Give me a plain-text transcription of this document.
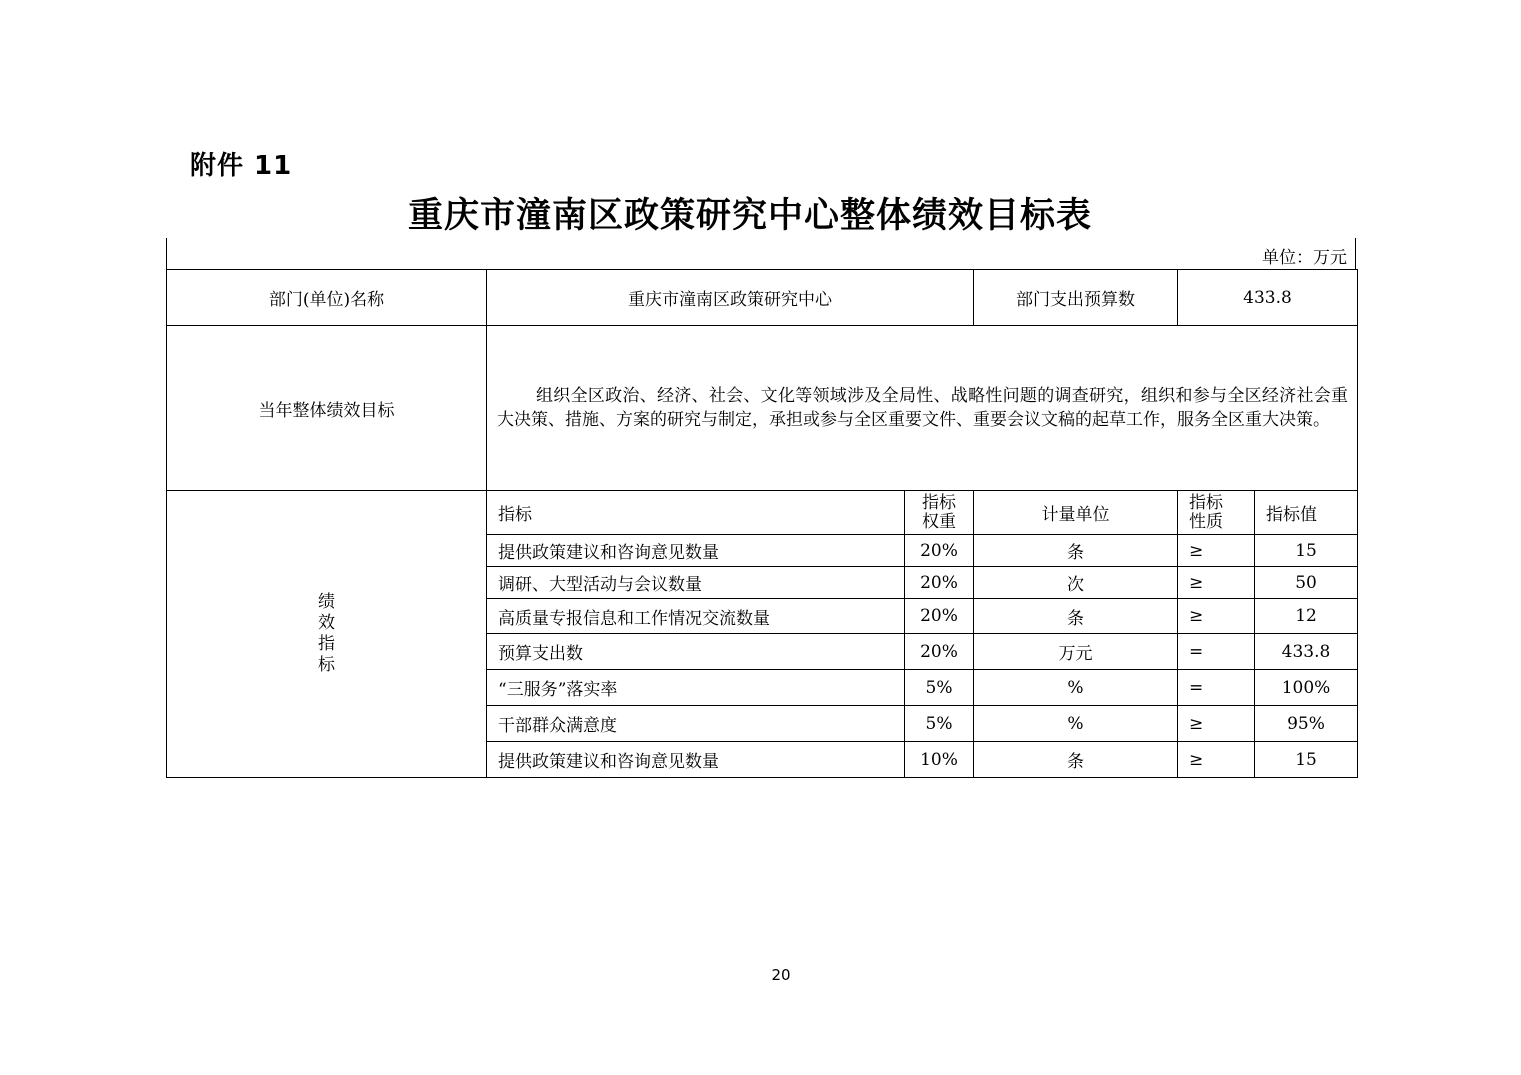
附件 11
重庆市潼南区政策研究中心整体绩效目标表
单位：万元
部门(单位)名称	重庆市潼南区政策研究中心		部门支出预算数	433.8	
当年整体绩效目标	组织全区政治、经济、社会、文化等领域涉及全局性、战略性问题的调查研究，组织和参与全区经济社会重大决策、措施、方案的研究与制定，承担或参与全区重要文件、重要会议文稿的起草工作，服务全区重大决策。				

绩效指标	指标	指标权重	计量单位	指标性质	指标值
	提供政策建议和咨询意见数量	20%	条	≥	15
	调研、大型活动与会议数量	20%	次	≥	50
	高质量专报信息和工作情况交流数量	20%	条	≥	12
	预算支出数	20%	万元	=	433.8
	“三服务”落实率	5%	%	=	100%
	干部群众满意度	5%	%	≥	95%
	提供政策建议和咨询意见数量	10%	条	≥	15
20
